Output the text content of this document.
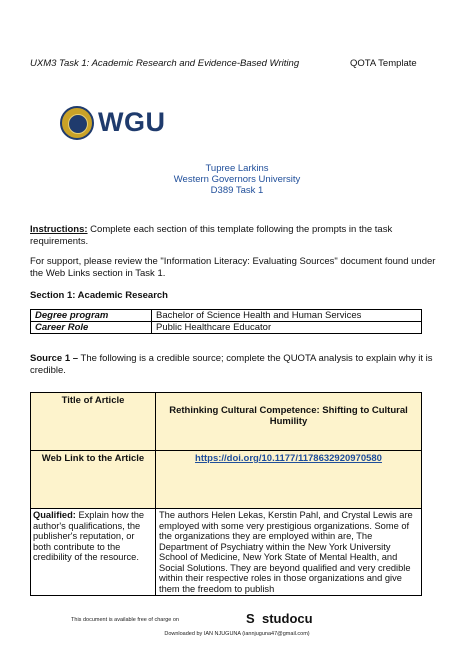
UXM3 Task 1: Academic Research and Evidence-Based Writing	QOTA Template
WGU
Tupree Larkins
Western Governors University
D389 Task 1
Instructions: Complete each section of this template following the prompts in the task requirements.
For support, please review the "Information Literacy: Evaluating Sources" document found under the Web Links section in Task 1.
Section 1: Academic Research
Degree program	Bachelor of Science Health and Human Services
Career Role	Public Healthcare Educator
Source 1 – The following is a credible source; complete the QUOTA analysis to explain why it is credible.
Title of Article	Rethinking Cultural Competence: Shifting to Cultural Humility

Web Link to the Article	https://doi.org/10.1177/1178632920970580
Qualified: Explain how the author's qualifications, the publisher's reputation, or both contribute to the credibility of the resource.	The authors Helen Lekas, Kerstin Pahl, and Crystal Lewis are employed with some very prestigious organizations. Some of the organizations they are employed within are, The Department of Psychiatry within the New York University School of Medicine, New York State of Mental Health, and Social Solutions. They are beyond qualified and very credible within their respective roles in those organizations and give them the freedom to publish
This document is available free of charge on	S studocu
Downloaded by IAN NJUGUNA (iannjuguna47@gmail.com)
